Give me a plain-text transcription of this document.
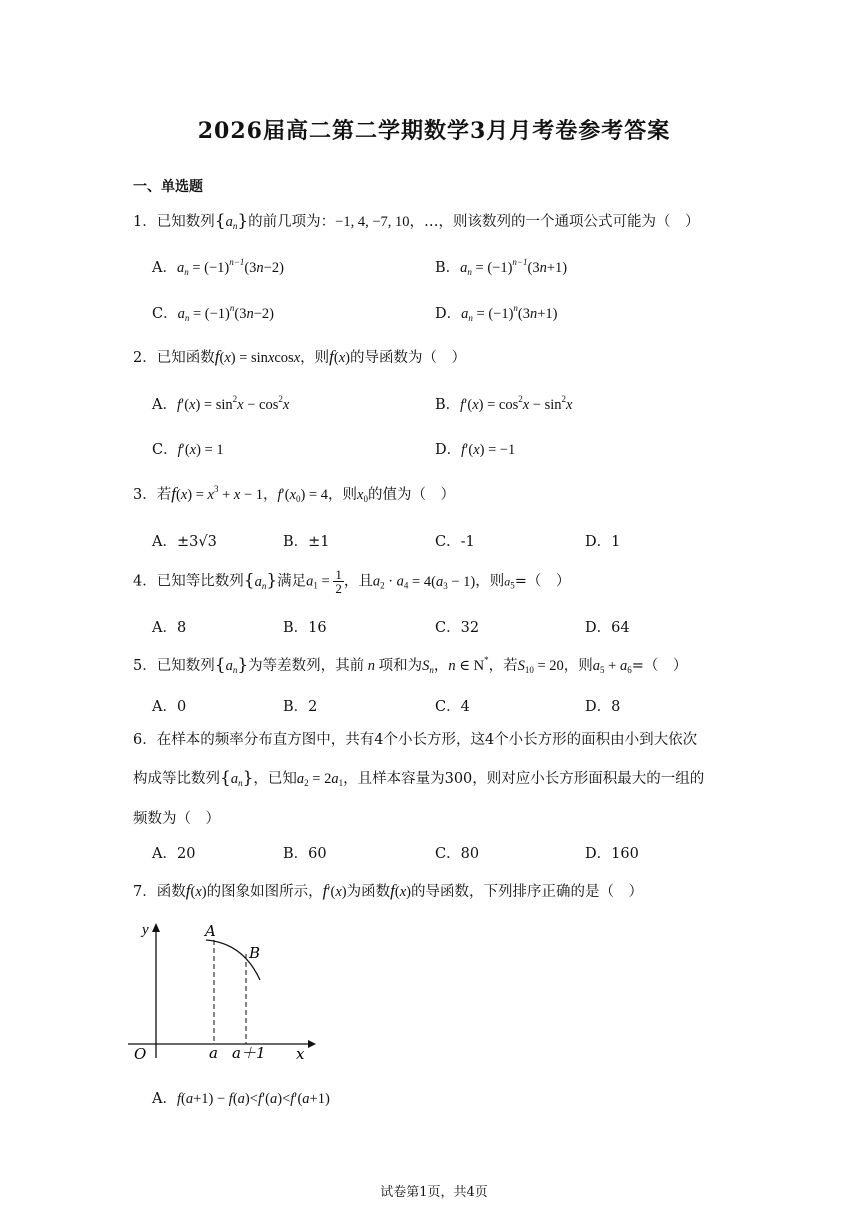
2026届高二第二学期数学3月月考卷参考答案
一、单选题
1．已知数列$\{a_n\}$的前几项为：−1, 4, −7, 10，…，则该数列的一个通项公式可能为（　）
A．$a_n = (-1)^{n-1}(3n-2)$	B．$a_n = (-1)^{n-1}(3n+1)$
C．$a_n = (-1)^n(3n-2)$	D．$a_n = (-1)^n(3n+1)$
2．已知函数f(x) = sinxcosx，则f(x)的导函数为（　）
A．$f'(x) = \sin^2x - \cos^2x$	B．$f'(x) = \cos^2x - \sin^2x$
C．f′(x) = 1	D．f′(x) = −1
3．若$f(x) = x^3 + x - 1$，$f'(x_0) = 4$，则$x_0$的值为（　）
A．±3√3	B．±1	C．-1	D．1
4．已知等比数列$\{a_n\}$满足$a_1 = \frac{1}{2}$ ，且$a_2 \cdot a_4 = 4(a_3 - 1)$，则$a_5=$（　）
A．8	B．16	C．32	D．64
5．已知数列$\{a_n\}$为等差数列，其前 n 项和为$S_n$，n ∈ N*，若$S_{10} = 20$，则$a_5 + a_6=$（　）
A．0	B．2	C．4	D．8
6．在样本的频率分布直方图中，共有4个小长方形，这4个小长方形的面积由小到大依次
构成等比数列$\{a_n\}$，已知$a_2 = 2a_1$，且样本容量为300，则对应小长方形面积最大的一组的
频数为（　）
A．20	B．60	C．80	D．160
7．函数f(x)的图象如图所示，f′(x)为函数f(x)的导函数，下列排序正确的是（　）
y
O	x
a a＋1
A
B
A．f(a+1) − f(a)<f′(a)<f′(a+1)
试卷第1页，共4页
